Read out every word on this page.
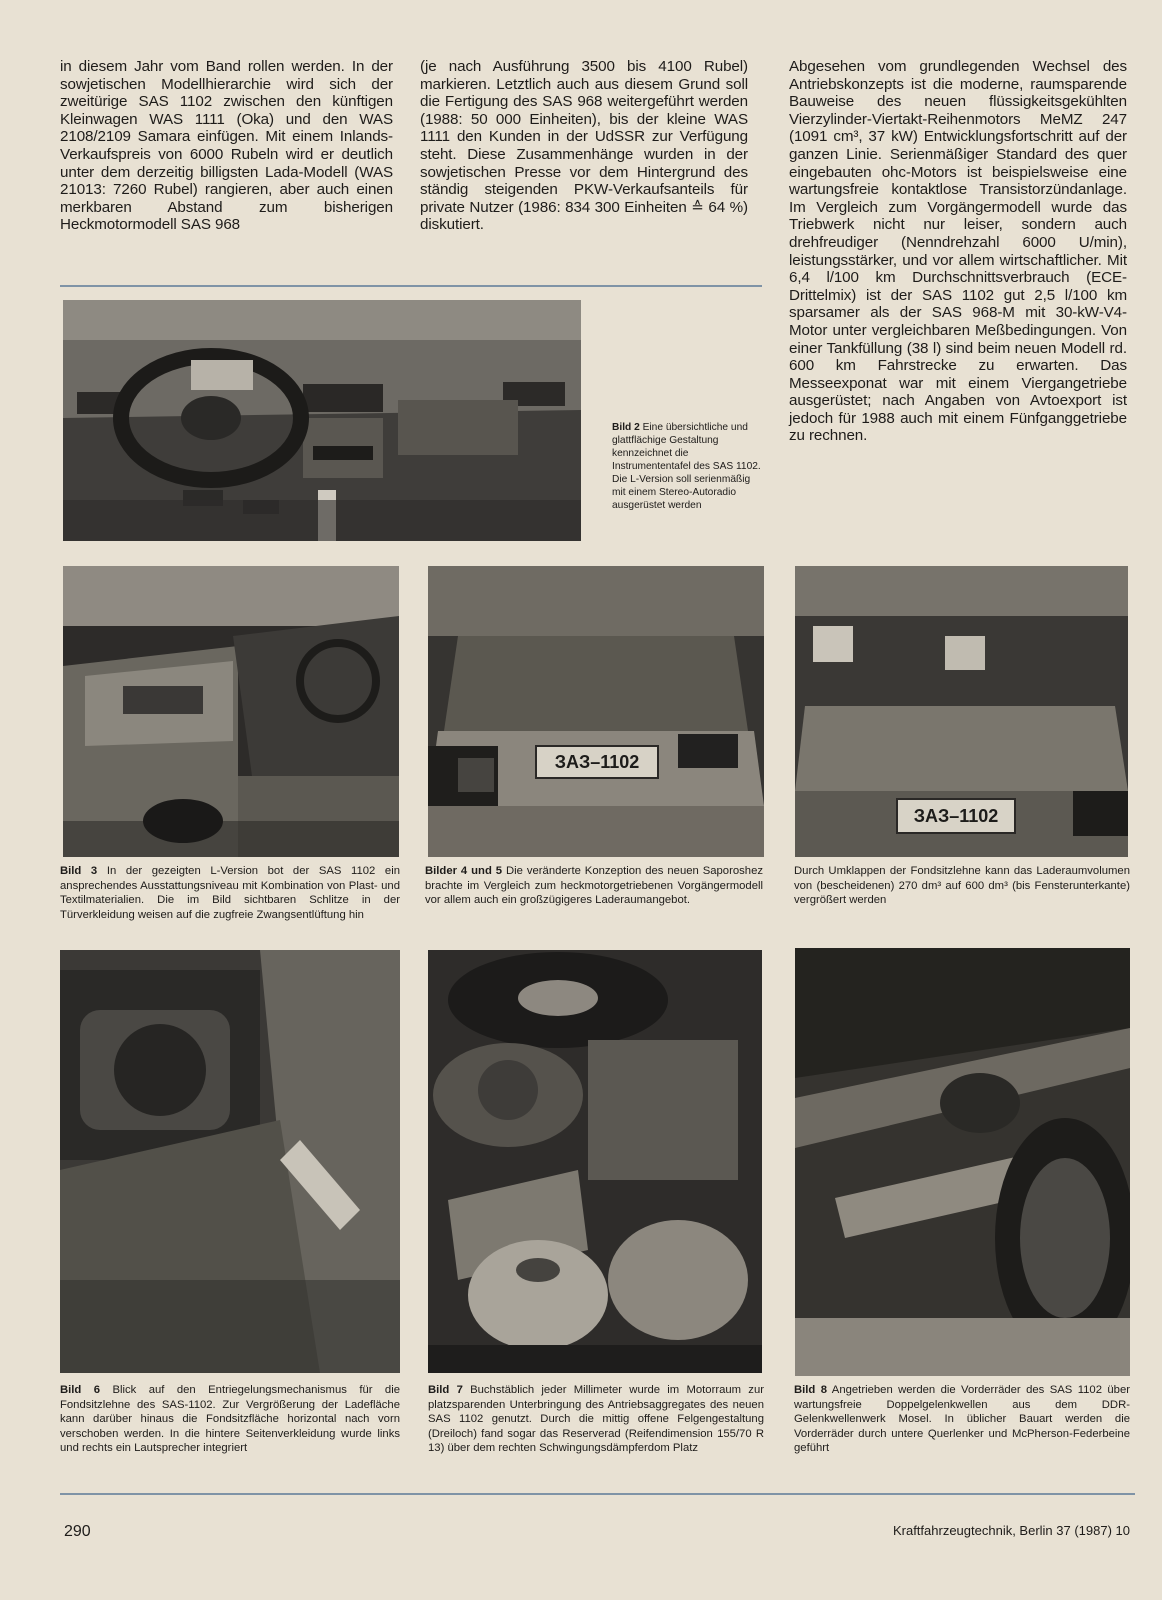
in diesem Jahr vom Band rollen werden. In der sowjetischen Modellhierarchie wird sich der zweitürige SAS 1102 zwischen den künftigen Kleinwagen WAS 1111 (Oka) und den WAS 2108/2109 Samara einfügen. Mit einem Inlands-Verkaufspreis von 6000 Rubeln wird er deutlich unter dem derzeitig billigsten Lada-Modell (WAS 21013: 7260 Rubel) rangieren, aber auch einen merkbaren Abstand zum bisherigen Heckmotormodell SAS 968
(je nach Ausführung 3500 bis 4100 Rubel) markieren. Letztlich auch aus diesem Grund soll die Fertigung des SAS 968 weitergeführt werden (1988: 50 000 Einheiten), bis der kleine WAS 1111 den Kunden in der UdSSR zur Verfügung steht. Diese Zusammenhänge wurden in der sowjetischen Presse vor dem Hintergrund des ständig steigenden PKW-Verkaufsanteils für private Nutzer (1986: 834 300 Einheiten ≙ 64 %) diskutiert.
Abgesehen vom grundlegenden Wechsel des Antriebskonzepts ist die moderne, raumsparende Bauweise des neuen flüssigkeitsgekühlten Vierzylinder-Viertakt-Reihenmotors MeMZ 247 (1091 cm³, 37 kW) Entwicklungsfortschritt auf der ganzen Linie. Serienmäßiger Standard des quer eingebauten ohc-Motors ist beispielsweise eine wartungsfreie kontaktlose Transistorzündanlage. Im Vergleich zum Vorgängermodell wurde das Triebwerk nicht nur leiser, sondern auch drehfreudiger (Nenndrehzahl 6000 U/min), leistungsstärker, und vor allem wirtschaftlicher. Mit 6,4 l/100 km Durchschnittsverbrauch (ECE-Drittelmix) ist der SAS 1102 gut 2,5 l/100 km sparsamer als der SAS 968-M mit 30-kW-V4-Motor unter vergleichbaren Meßbedingungen. Von einer Tankfüllung (38 l) sind beim neuen Modell rd. 600 km Fahrstrecke zu erwarten. Das Messeexponat war mit einem Viergangetriebe ausgerüstet; nach Angaben von Avtoexport ist jedoch für 1988 auch mit einem Fünfganggetriebe zu rechnen.
Bild 2 Eine übersichtliche und glattflächige Gestaltung kennzeichnet die Instrumententafel des SAS 1102. Die L-Version soll serienmäßig mit einem Stereo-Autoradio ausgerüstet werden
Bild 3 In der gezeigten L-Version bot der SAS 1102 ein ansprechendes Ausstattungsniveau mit Kombination von Plast- und Textilmaterialien. Die im Bild sichtbaren Schlitze in der Türverkleidung weisen auf die zugfreie Zwangsentlüftung hin
ЗАЗ–1102
Bilder 4 und 5 Die veränderte Konzeption des neuen Saporoshez brachte im Vergleich zum heckmotorgetriebenen Vorgängermodell vor allem auch ein großzügigeres Laderaumangebot.
ЗАЗ–1102
Durch Umklappen der Fondsitzlehne kann das Laderaumvolumen von (bescheidenen) 270 dm³ auf 600 dm³ (bis Fensterunterkante) vergrößert werden
Bild 6 Blick auf den Entriegelungsmechanismus für die Fondsitzlehne des SAS-1102. Zur Vergrößerung der Ladefläche kann darüber hinaus die Fondsitzfläche horizontal nach vorn verschoben werden. In die hintere Seitenverkleidung wurde links und rechts ein Lautsprecher integriert
Bild 7 Buchstäblich jeder Millimeter wurde im Motorraum zur platzsparenden Unterbringung des Antriebsaggregates des neuen SAS 1102 genutzt. Durch die mittig offene Felgengestaltung (Dreiloch) fand sogar das Reserverad (Reifendimension 155/70 R 13) über dem rechten Schwingungsdämpferdom Platz
Bild 8 Angetrieben werden die Vorderräder des SAS 1102 über wartungsfreie Doppelgelenkwellen aus dem DDR-Gelenkwellenwerk Mosel. In üblicher Bauart werden die Vorderräder durch untere Querlenker und McPherson-Federbeine geführt
290	Kraftfahrzeugtechnik, Berlin 37 (1987) 10
